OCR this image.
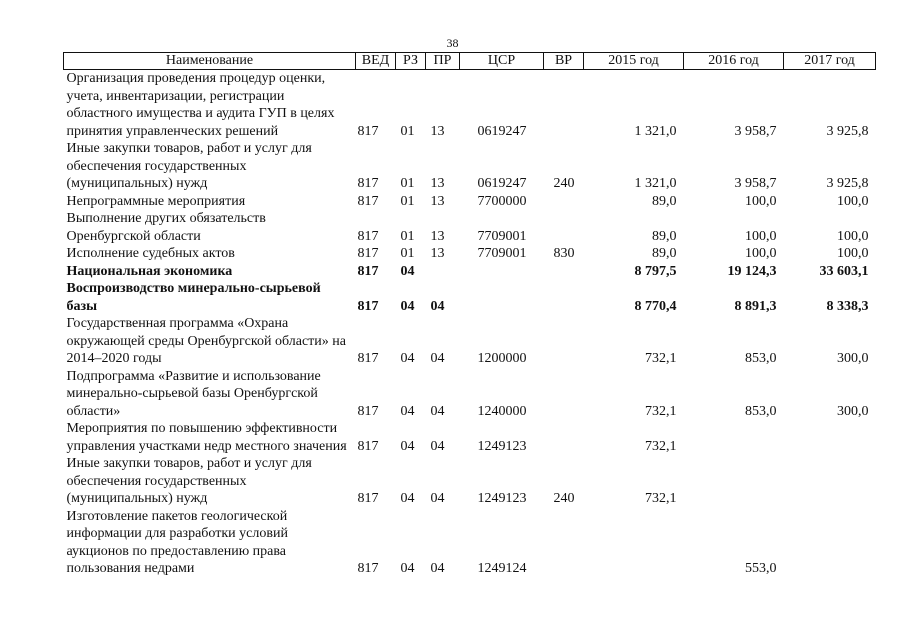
38
Наименование	ВЕД	РЗ	ПР	ЦСР	ВР	2015 год	2016 год	2017 год
Организация проведения процедур оценки, учета, инвентаризации, регистрации областного имущества и аудита ГУП в целях принятия управленческих решений	817	01	13	0619247		1 321,0	3 958,7	3 925,8
Иные закупки товаров, работ и услуг для обеспечения государственных (муниципальных) нужд	817	01	13	0619247	240	1 321,0	3 958,7	3 925,8
Непрограммные мероприятия	817	01	13	7700000		89,0	100,0	100,0
Выполнение других обязательств Оренбургской области	817	01	13	7709001		89,0	100,0	100,0
Исполнение судебных актов	817	01	13	7709001	830	89,0	100,0	100,0
Национальная экономика	817	04				8 797,5	19 124,3	33 603,1
Воспроизводство минерально-сырьевой базы	817	04	04			8 770,4	8 891,3	8 338,3
Государственная программа «Охрана окружающей среды Оренбургской области» на 2014–2020 годы	817	04	04	1200000		732,1	853,0	300,0
Подпрограмма «Развитие и использование минерально-сырьевой базы Оренбургской области»	817	04	04	1240000		732,1	853,0	300,0
Мероприятия по повышению эффективности управления участками недр местного значения	817	04	04	1249123		732,1		
Иные закупки товаров, работ и услуг для обеспечения государственных (муниципальных) нужд	817	04	04	1249123	240	732,1		
Изготовление пакетов геологической информации для разработки условий аукционов по предоставлению права пользования недрами	817	04	04	1249124			553,0	
